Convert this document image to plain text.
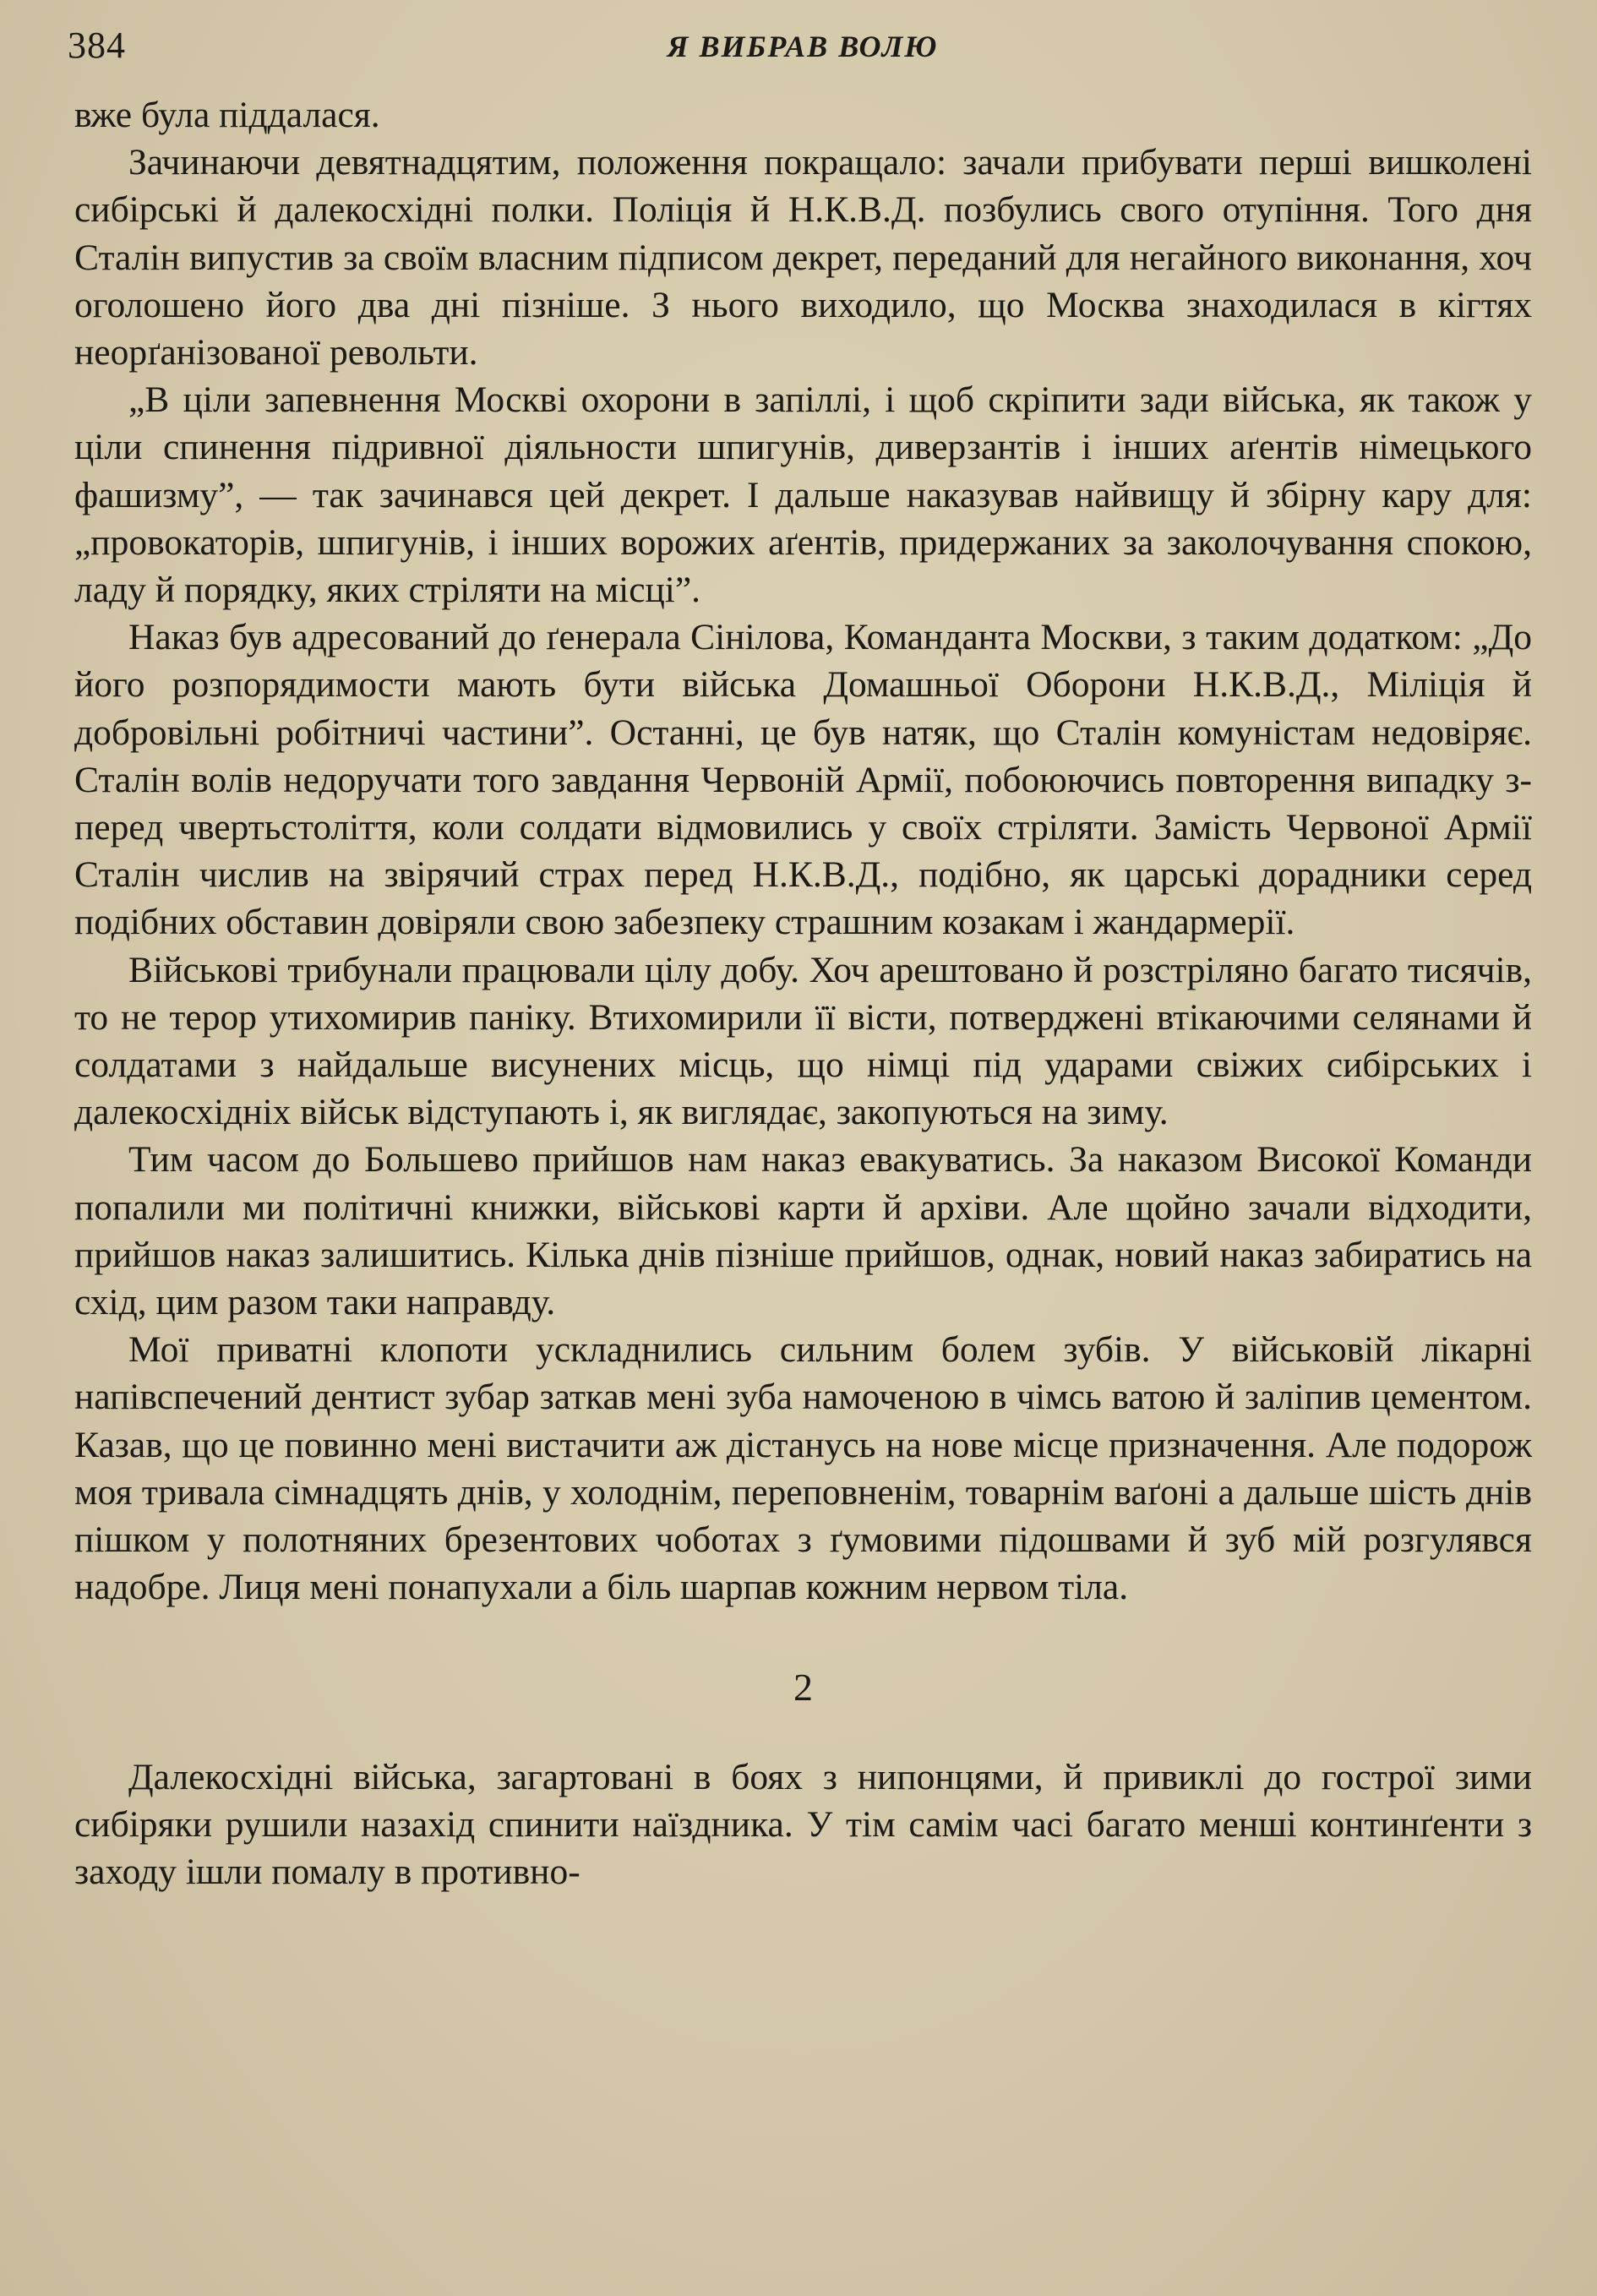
384	Я ВИБРАВ ВОЛЮ

вже була піддалася.

Зачинаючи девятнадцятим, положення покращало: зачали прибувати перші вишколені сибірські й далекосхідні полки. Поліція й Н.К.В.Д. позбулись свого отупіння. Того дня Сталін випустив за своїм власним підписом декрет, переданий для негайного виконання, хоч оголошено його два дні пізніше. З нього виходило, що Москва знаходилася в кігтях неорґанізованої револьти.

„В ціли запевнення Москві охорони в запіллі, і щоб скріпити зади війська, як також у ціли спинення підривної діяльности шпигунів, диверзантів і інших аґентів німецького фашизму”, — так зачинався цей декрет. І дальше наказував найвищу й збірну кару для: „провокаторів, шпигунів, і інших ворожих аґентів, придержаних за заколочування спокою, ладу й порядку, яких стріляти на місці”.

Наказ був адресований до ґенерала Сінілова, Команданта Москви, з таким додатком: „До його розпорядимости мають бути війська Домашньої Оборони Н.К.В.Д., Міліція й добровільні робітничі частини”. Останні, це був натяк, що Сталін комуністам недовіряє. Сталін волів недоручати того завдання Червоній Армії, побоюючись повторення випадку з-перед чвертьстоліття, коли солдати відмовились у своїх стріляти. Замість Червоної Армії Сталін числив на звірячий страх перед Н.К.В.Д., подібно, як царські дорадники серед подібних обставин довіряли свою забезпеку страшним козакам і жандармерії.

Військові трибунали працювали цілу добу. Хоч арештовано й розстріляно багато тисячів, то не терор утихомирив паніку. Втихомирили її вісти, потверджені втікаючими селянами й солдатами з найдальше висунених місць, що німці під ударами свіжих сибірських і далекосхідніх військ відступають і, як виглядає, закопуються на зиму.

Тим часом до Большево прийшов нам наказ евакуватись. За наказом Високої Команди попалили ми політичні книжки, військові карти й архіви. Але щойно зачали відходити, прийшов наказ залишитись. Кілька днів пізніше прийшов, однак, новий наказ забиратись на схід, цим разом таки направду.

Мої приватні клопоти ускладнились сильним болем зубів. У військовій лікарні напівспечений дентист зубар заткав мені зуба намоченою в чімсь ватою й заліпив цементом. Казав, що це повинно мені вистачити аж дістанусь на нове місце призначення. Але подорож моя тривала сімнадцять днів, у холоднім, переповненім, товарнім ваґоні а дальше шість днів пішком у полотняних брезентових чоботах з ґумовими підошвами й зуб мій розгулявся надобре. Лиця мені понапухали а біль шарпав кожним нервом тіла.

2

Далекосхідні війська, загартовані в боях з нипонцями, й привиклі до гострої зими сибіряки рушили назахід спинити наїздника. У тім самім часі багато менші континґенти з заходу ішли помалу в противно-
